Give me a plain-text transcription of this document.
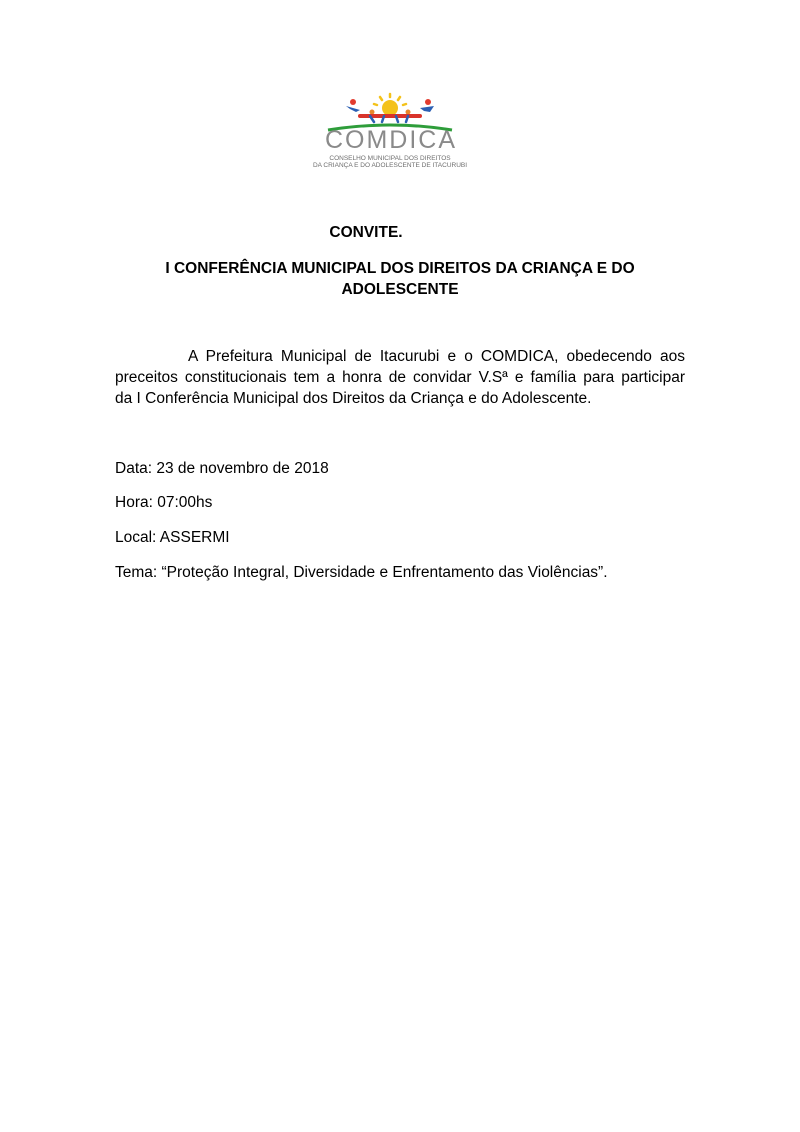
COMDICA
CONSELHO MUNICIPAL DOS DIREITOS
DA CRIANÇA E DO ADOLESCENTE DE ITACURUBI
CONVITE.
I CONFERÊNCIA MUNICIPAL DOS DIREITOS DA CRIANÇA E DO
ADOLESCENTE
A Prefeitura Municipal de Itacurubi e o COMDICA, obedecendo aos
preceitos constitucionais tem a honra de convidar V.Sª e família para participar
da I Conferência Municipal dos Direitos da Criança e do Adolescente.
Data: 23 de novembro de 2018
Hora: 07:00hs
Local: ASSERMI
Tema: “Proteção Integral, Diversidade e Enfrentamento das Violências”.
